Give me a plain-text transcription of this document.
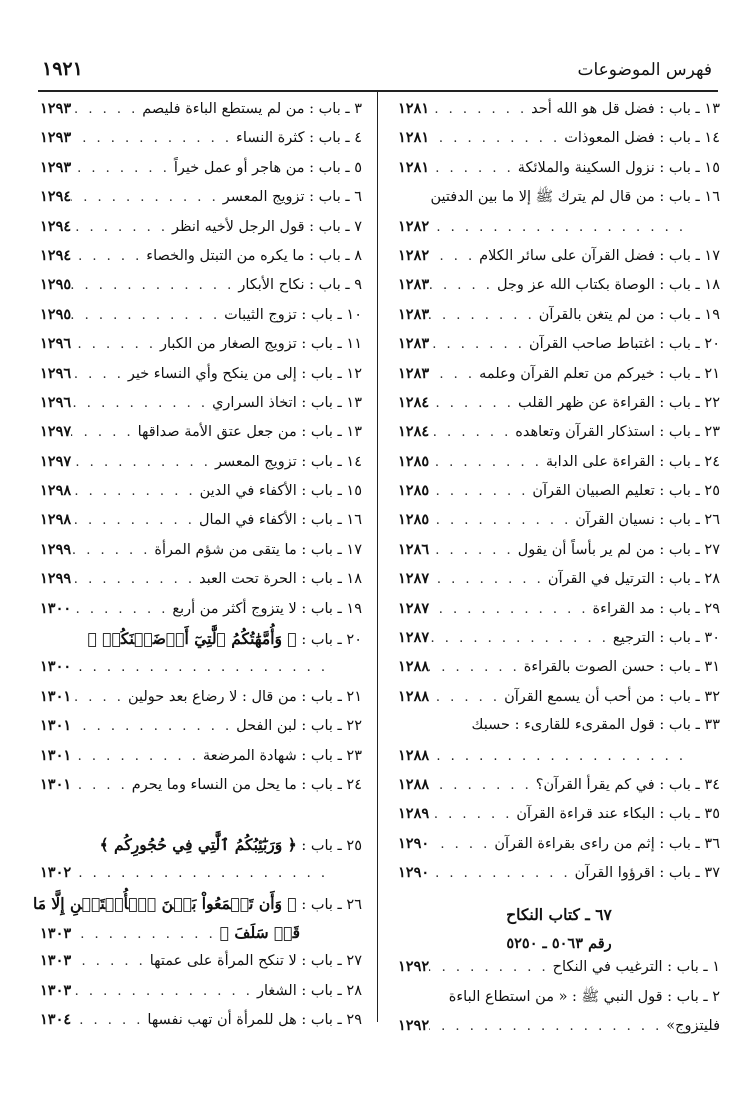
فهرس الموضوعات
١٩٢١
١٣ ـ باب : فضل قل هو الله أحد
. . .
١٢٨١
١٤ ـ باب : فضل المعوذات
. . .
١٢٨١
١٥ ـ باب : نزول السكينة والملائكة
. . .
١٢٨١
١٦ ـ باب : من قال لم يترك ﷺ إلا ما بين الدفتين
. . .
١٢٨٢
١٧ ـ باب : فضل القرآن على سائر الكلام
. . .
١٢٨٢
١٨ ـ باب : الوصاة بكتاب الله عز وجل
. . .
١٢٨٣
١٩ ـ باب : من لم يتغن بالقرآن
. . .
١٢٨٣
٢٠ ـ باب : اغتباط صاحب القرآن
. . .
١٢٨٣
٢١ ـ باب : خيركم من تعلم القرآن وعلمه
. . .
١٢٨٣
٢٢ ـ باب : القراءة عن ظهر القلب
. . .
١٢٨٤
٢٣ ـ باب : استذكار القرآن وتعاهده
. . .
١٢٨٤
٢٤ ـ باب : القراءة على الدابة
. . .
١٢٨٥
٢٥ ـ باب : تعليم الصبيان القرآن
. . .
١٢٨٥
٢٦ ـ باب : نسيان القرآن
. . .
١٢٨٥
٢٧ ـ باب : من لم ير بأساً أن يقول
. . .
١٢٨٦
٢٨ ـ باب : الترتيل في القرآن
. . .
١٢٨٧
٢٩ ـ باب : مد القراءة
. . .
١٢٨٧
٣٠ ـ باب : الترجيع
. . .
١٢٨٧
٣١ ـ باب : حسن الصوت بالقراءة
. . .
١٢٨٨
٣٢ ـ باب : من أحب أن يسمع القرآن
. . .
١٢٨٨
٣٣ ـ باب : قول المقرىء للقارىء : حسبك
. . .
١٢٨٨
٣٤ ـ باب : في كم يقرأ القرآن؟
. . .
١٢٨٨
٣٥ ـ باب : البكاء عند قراءة القرآن
. . .
١٢٨٩
٣٦ ـ باب : إثم من راءى بقراءة القرآن
. . .
١٢٩٠
٣٧ ـ باب : اقرؤوا القرآن
. . .
١٢٩٠
٦٧ ـ كتاب النكاح
رقم ٥٠٦٣ ـ ٥٢٥٠
١ ـ باب : الترغيب في النكاح
. . .
١٢٩٢
٢ ـ باب : قول النبي ﷺ : « من استطاع الباءة
فليتزوج»
. . .
١٢٩٢
٣ ـ باب : من لم يستطع الباءة فليصم
. . .
١٢٩٣
٤ ـ باب : كثرة النساء
. . .
١٢٩٣
٥ ـ باب : من هاجر أو عمل خيراً
. . .
١٢٩٣
٦ ـ باب : تزويج المعسر
. . .
١٢٩٤
٧ ـ باب : قول الرجل لأخيه انظر
. . .
١٢٩٤
٨ ـ باب : ما يكره من التبتل والخصاء
. . .
١٢٩٤
٩ ـ باب : نكاح الأبكار
. . .
١٢٩٥
١٠ ـ باب : تزوج الثيبات
. . .
١٢٩٥
١١ ـ باب : تزويج الصغار من الكبار
. . .
١٢٩٦
١٢ ـ باب : إلى من ينكح وأي النساء خير
. . .
١٢٩٦
١٣ ـ باب : اتخاذ السراري
. . .
١٢٩٦
١٣ ـ باب : من جعل عتق الأمة صداقها
. . .
١٢٩٧
١٤ ـ باب : تزويج المعسر
. . .
١٢٩٧
١٥ ـ باب : الأكفاء في الدين
. . .
١٢٩٨
١٦ ـ باب : الأكفاء في المال
. . .
١٢٩٨
١٧ ـ باب : ما يتقى من شؤم المرأة
. . .
١٢٩٩
١٨ ـ باب : الحرة تحت العبد
. . .
١٢٩٩
١٩ ـ باب : لا يتزوج أكثر من أربع
. . .
١٣٠٠
٢٠ ـ باب :

﴿ وَأُمَّهَٰتُكُمُ ٱلَّٰتِيٓ أَرۡضَعۡنَكُمۡ ﴾
. . .
١٣٠٠
٢١ ـ باب : من قال : لا رضاع بعد حولين
. . .
١٣٠١
٢٢ ـ باب : لبن الفحل
. . .
١٣٠١
٢٣ ـ باب : شهادة المرضعة
. . .
١٣٠١
٢٤ ـ باب : ما يحل من النساء وما يحرم
. . .
١٣٠١
٢٥ ـ باب :

﴿ وَرَبَٰٓئِبُكُمُ ٱلَّٰتِي فِي حُجُورِكُم ﴾
. . .
١٣٠٢
٢٦ ـ باب :

﴿ وَأَن تَجۡمَعُواْ بَيۡنَ ٱلۡأُخۡتَيۡنِ إِلَّا مَا
قَدۡ سَلَفَ ﴾
. . .
١٣٠٣
٢٧ ـ باب : لا تنكح المرأة على عمتها
. . .
١٣٠٣
٢٨ ـ باب : الشغار
. . .
١٣٠٣
٢٩ ـ باب : هل للمرأة أن تهب نفسها
. . .
١٣٠٤
